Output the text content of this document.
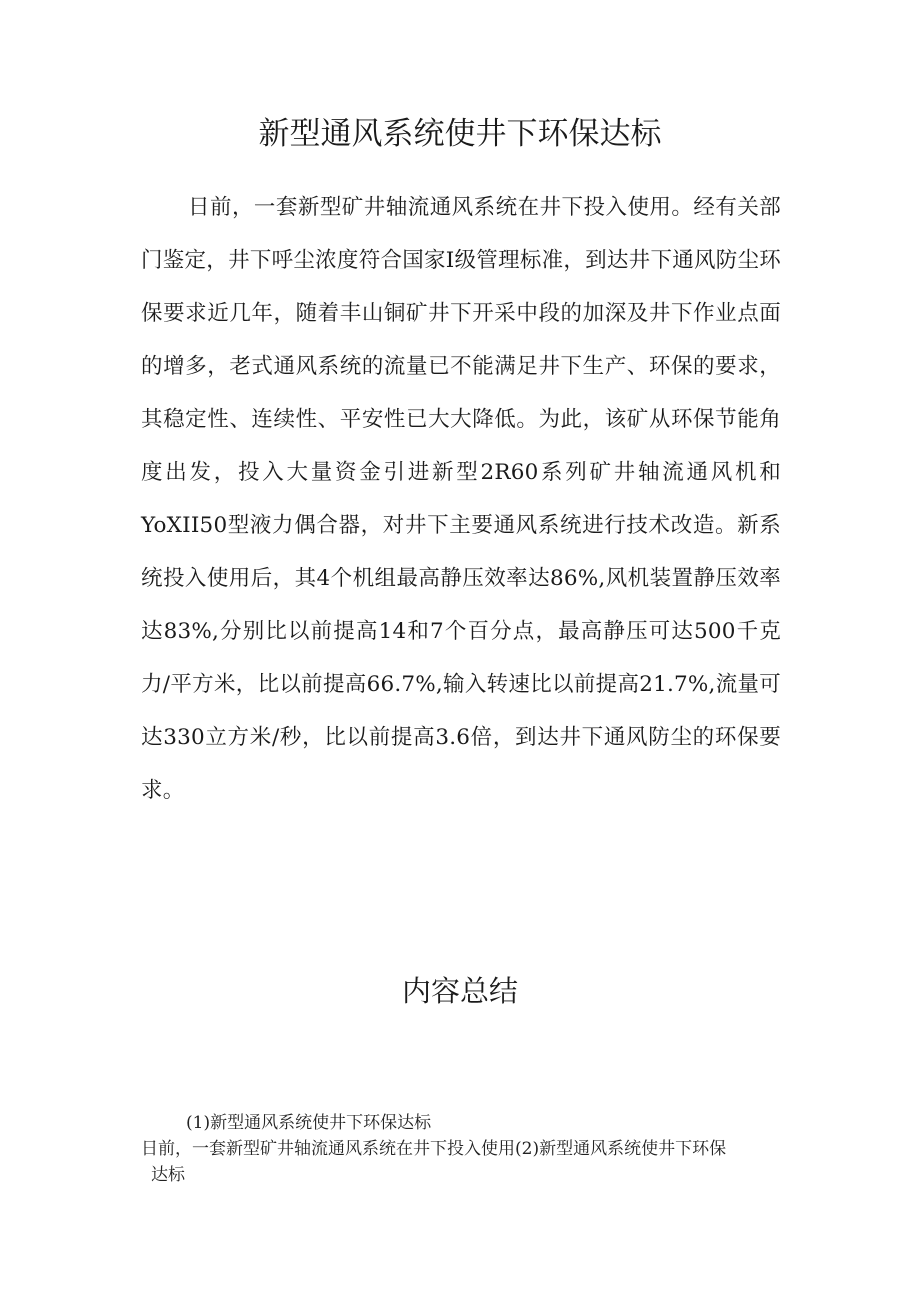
新型通风系统使井下环保达标

日前，一套新型矿井轴流通风系统在井下投入使用。经有关部门鉴定，井下呼尘浓度符合国家I级管理标准，到达井下通风防尘环保要求近几年，随着丰山铜矿井下开采中段的加深及井下作业点面的增多，老式通风系统的流量已不能满足井下生产、环保的要求，其稳定性、连续性、平安性已大大降低。为此，该矿从环保节能角度出发，投入大量资金引进新型2R60系列矿井轴流通风机和YoXII50型液力偶合器，对井下主要通风系统进行技术改造。新系统投入使用后，其4个机组最高静压效率达86%,风机装置静压效率达83%,分别比以前提高14和7个百分点，最高静压可达500千克力/平方米，比以前提高66.7%,输入转速比以前提高21.7%,流量可达330立方米/秒，比以前提高3.6倍，到达井下通风防尘的环保要求。

内容总结
(1)新型通风系统使井下环保达标
日前，一套新型矿井轴流通风系统在井下投入使用(2)新型通风系统使井下环保
达标
